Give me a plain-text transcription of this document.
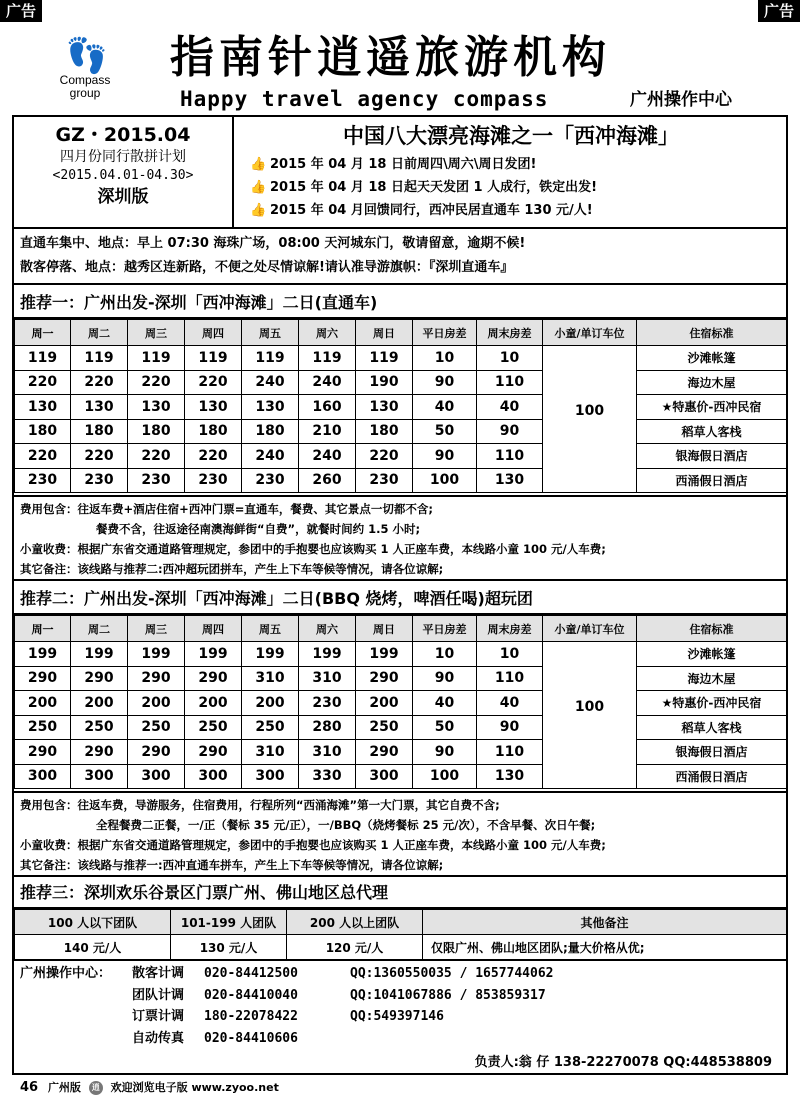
广告	广告
👣
Compass
group
指南针逍遥旅游机构
Happy travel agency compass	广州操作中心
GZ・2015.04
四月份同行散拼计划
<2015.04.01-04.30>
深圳版
中国八大漂亮海滩之一「西冲海滩」
👍 2015 年 04 月 18 日前周四\周六\周日发团!
👍 2015 年 04 月 18 日起天天发团 1 人成行，铁定出发!
👍 2015 年 04 月回馈同行，西冲民居直通车 130 元/人!
直通车集中、地点：早上 07:30 海珠广场，08:00 天河城东门，敬请留意，逾期不候!
散客停落、地点：越秀区连新路，不便之处尽情谅解!请认准导游旗帜：『深圳直通车』
推荐一：广州出发-深圳「西冲海滩」二日(直通车)
周一	周二	周三	周四	周五	周六	周日	平日房差	周末房差	小童/单订车位	住宿标准
119	119	119	119	119	119	119	10	10		沙滩帐篷
220	220	220	220	240	240	190	90	110		海边木屋
130	130	130	130	130	160	130	40	40	100	★特惠价-西冲民宿
180	180	180	180	180	210	180	50	90		稻草人客栈
220	220	220	220	240	240	220	90	110		银海假日酒店
230	230	230	230	230	260	230	100	130		西涌假日酒店
费用包含：往返车费+酒店住宿+西冲门票=直通车，餐费、其它景点一切都不含;
餐费不含，往返途径南澳海鲜街“自费”，就餐时间约 1.5 小时;
小童收费：根据广东省交通道路管理规定，参团中的手抱婴也应该购买 1 人正座车费，本线路小童 100 元/人车费;
其它备注：该线路与推荐二:西冲超玩团拼车，产生上下车等候等情况，请各位谅解;
推荐二：广州出发-深圳「西冲海滩」二日(BBQ 烧烤，啤酒任喝)超玩团
周一	周二	周三	周四	周五	周六	周日	平日房差	周末房差	小童/单订车位	住宿标准
199	199	199	199	199	199	199	10	10		沙滩帐篷
290	290	290	290	310	310	290	90	110		海边木屋
200	200	200	200	200	230	200	40	40	100	★特惠价-西冲民宿
250	250	250	250	250	280	250	50	90		稻草人客栈
290	290	290	290	310	310	290	90	110		银海假日酒店
300	300	300	300	300	330	300	100	130		西涌假日酒店
费用包含：往返车费，导游服务，住宿费用，行程所列“西涌海滩”第一大门票，其它自费不含;
全程餐费二正餐，一/正（餐标 35 元/正），一/BBQ（烧烤餐标 25 元/次），不含早餐、次日午餐;
小童收费：根据广东省交通道路管理规定，参团中的手抱婴也应该购买 1 人正座车费，本线路小童 100 元/人车费;
其它备注：该线路与推荐一:西冲直通车拼车，产生上下车等候等情况，请各位谅解;
推荐三：深圳欢乐谷景区门票广州、佛山地区总代理
100 人以下团队	101-199 人团队	200 人以上团队	其他备注
140 元/人	130 元/人	120 元/人	仅限广州、佛山地区团队;量大价格从优;
广州操作中心： 散客计调 020-84412500	QQ:1360550035 / 1657744062
团队计调 020-84410040	QQ:1041067886 / 853859317
订票计调 180-22078422	QQ:549397146
自动传真 020-84410606
负责人:翁 仔 138-22270078 QQ:448538809
46 广州版 逍 欢迎浏览电子版 www.zyoo.net
